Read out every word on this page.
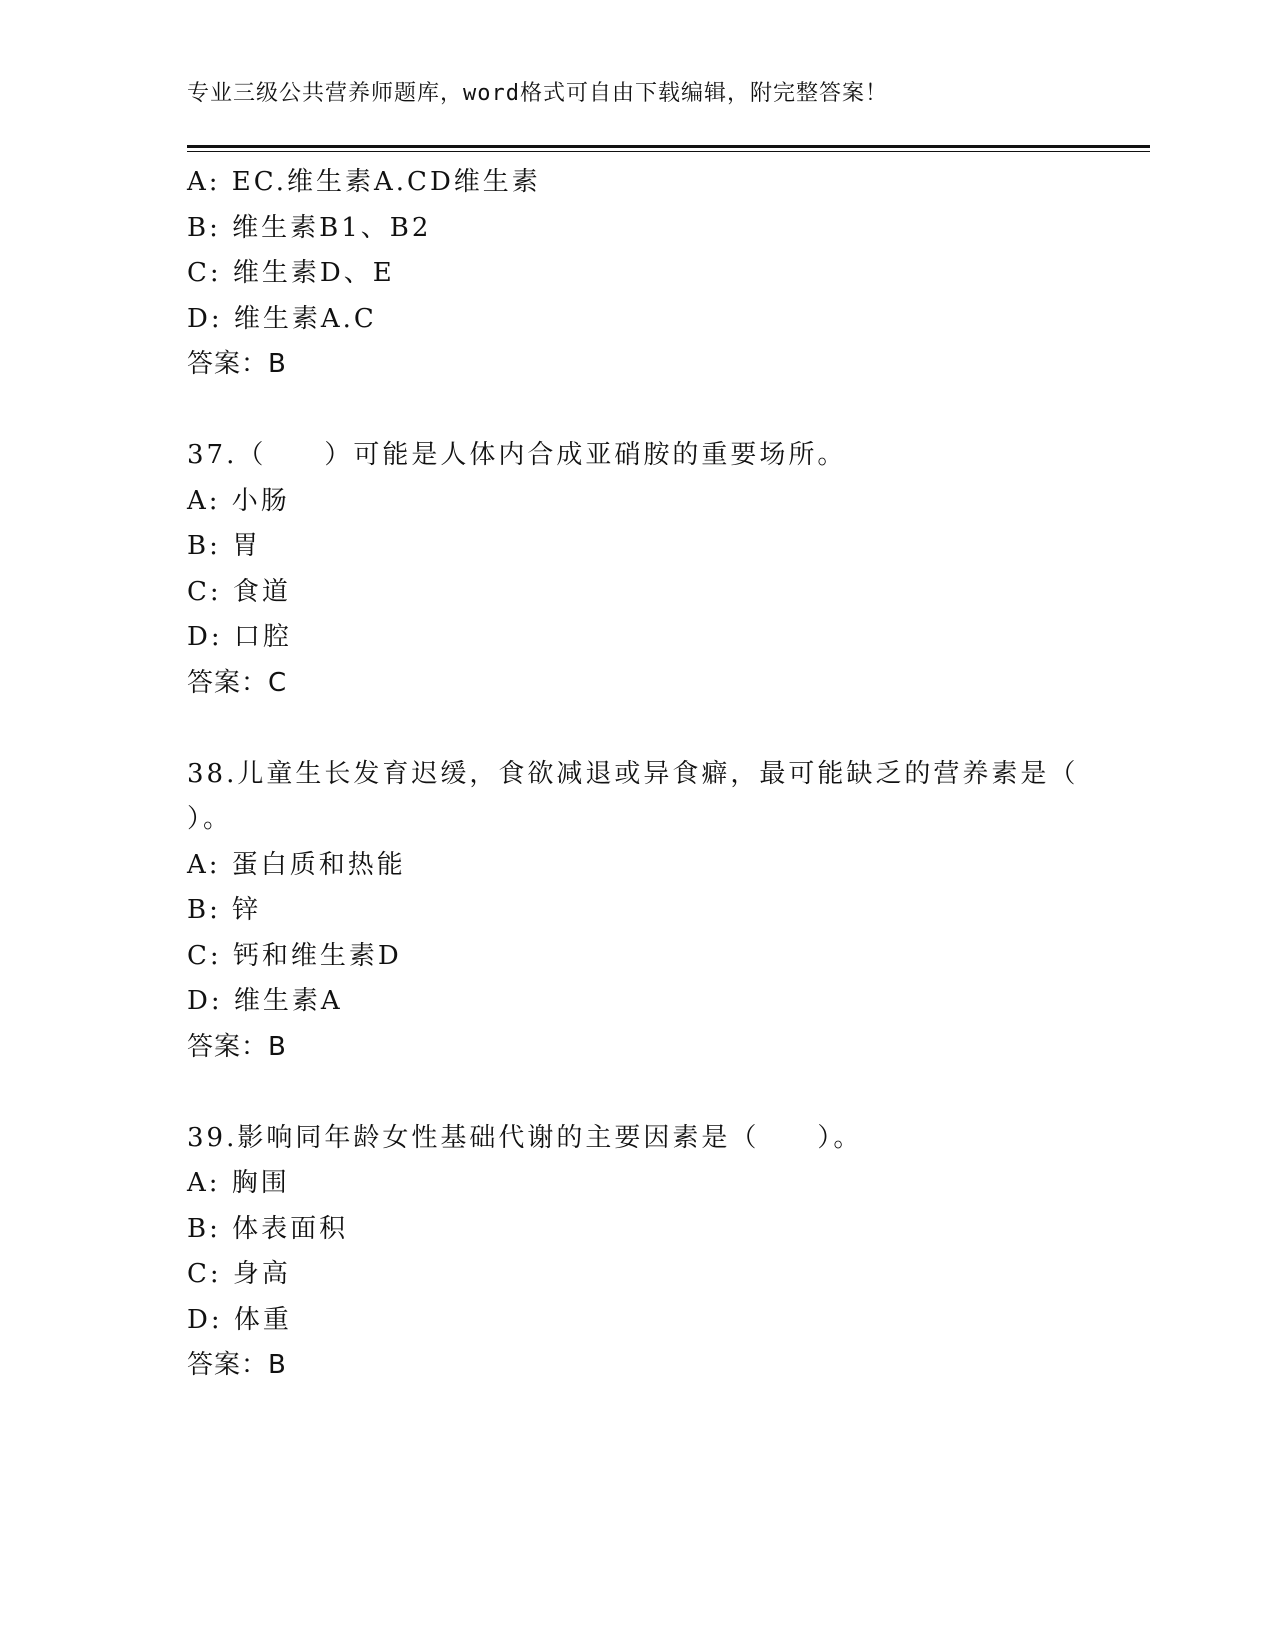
专业三级公共营养师题库，word格式可自由下载编辑，附完整答案！
A: EC.维生素A.CD维生素
B: 维生素B1、B2
C: 维生素D、E
D: 维生素A.C
答案：B
37.（　　）可能是人体内合成亚硝胺的重要场所。
A: 小肠
B: 胃
C: 食道
D: 口腔
答案：C
38.儿童生长发育迟缓，食欲减退或异食癖，最可能缺乏的营养素是（
）。
A: 蛋白质和热能
B: 锌
C: 钙和维生素D
D: 维生素A
答案：B
39.影响同年龄女性基础代谢的主要因素是（　　）。
A: 胸围
B: 体表面积
C: 身高
D: 体重
答案：B
